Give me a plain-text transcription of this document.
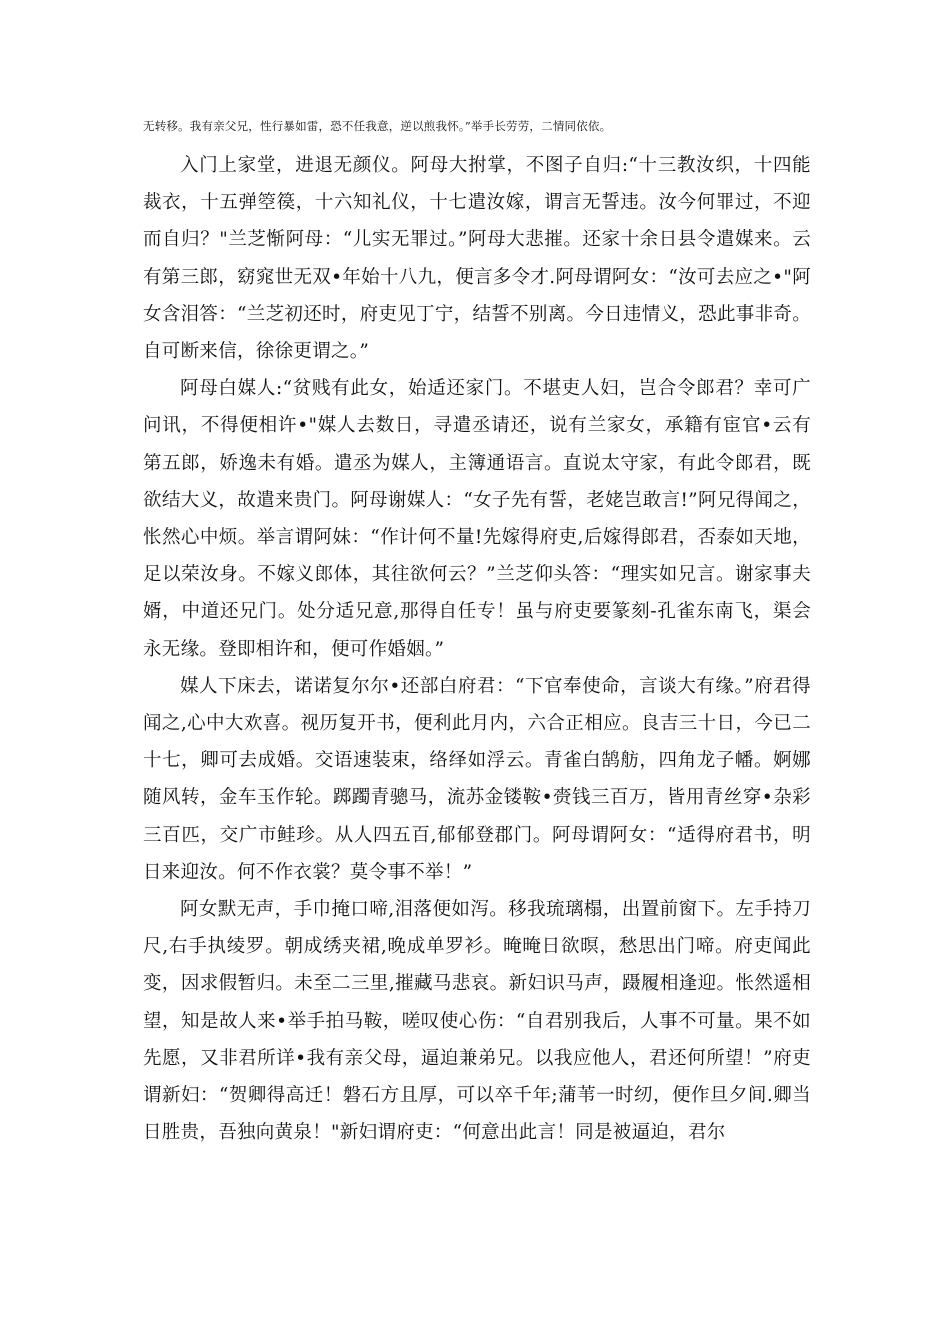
无转移。我有亲父兄，性行暴如雷，恐不任我意，逆以煎我怀。”举手长劳劳，二情同依依。

入门上家堂，进退无颜仪。阿母大拊掌，不图子自归:“十三教汝织，十四能裁衣，十五弹箜篌，十六知礼仪，十七遣汝嫁，谓言无誓违。汝今何罪过，不迎而自归？"兰芝惭阿母：“儿实无罪过。”阿母大悲摧。还家十余日县令遣媒来。云有第三郎，窈窕世无双•年始十八九，便言多令才.阿母谓阿女：“汝可去应之•"阿女含泪答：“兰芝初还时，府吏见丁宁，结誓不别离。今日违情义，恐此事非奇。自可断来信，徐徐更谓之。”

阿母白媒人:“贫贱有此女，始适还家门。不堪吏人妇，岂合令郎君？幸可广问讯，不得便相许•"媒人去数日，寻遣丞请还，说有兰家女，承籍有宦官•云有第五郎，娇逸未有婚。遣丞为媒人，主簿通语言。直说太守家，有此令郎君，既欲结大义，故遣来贵门。阿母谢媒人：“女子先有誓，老姥岂敢言!”阿兄得闻之，怅然心中烦。举言谓阿妹：“作计何不量!先嫁得府吏,后嫁得郎君，否泰如天地，足以荣汝身。不嫁义郎体，其往欲何云？”兰芝仰头答：“理实如兄言。谢家事夫婿，中道还兄门。处分适兄意,那得自任专！虽与府吏要篆刻-孔雀东南飞，渠会永无缘。登即相许和，便可作婚姻。”

媒人下床去，诺诺复尔尔•还部白府君：“下官奉使命，言谈大有缘。”府君得闻之,心中大欢喜。视历复开书，便利此月内，六合正相应。良吉三十日，今已二十七，卿可去成婚。交语速装束，络绎如浮云。青雀白鹄舫，四角龙子幡。婀娜随风转，金车玉作轮。踯躅青骢马，流苏金镂鞍•赍钱三百万，皆用青丝穿•杂彩三百匹，交广市鲑珍。从人四五百,郁郁登郡门。阿母谓阿女：“适得府君书，明日来迎汝。何不作衣裳？莫令事不举！”

阿女默无声，手巾掩口啼,泪落便如泻。移我琉璃榻，出置前窗下。左手持刀尺,右手执绫罗。朝成绣夹裙,晚成单罗衫。晻晻日欲暝，愁思出门啼。府吏闻此变，因求假暂归。未至二三里,摧藏马悲哀。新妇识马声，蹑履相逢迎。怅然遥相望，知是故人来•举手拍马鞍，嗟叹使心伤：“自君别我后，人事不可量。果不如先愿，又非君所详•我有亲父母，逼迫兼弟兄。以我应他人，君还何所望！”府吏谓新妇：“贺卿得高迁！磐石方且厚，可以卒千年;蒲苇一时纫，便作旦夕间.卿当日胜贵，吾独向黄泉！"新妇谓府吏：“何意出此言！同是被逼迫，君尔
